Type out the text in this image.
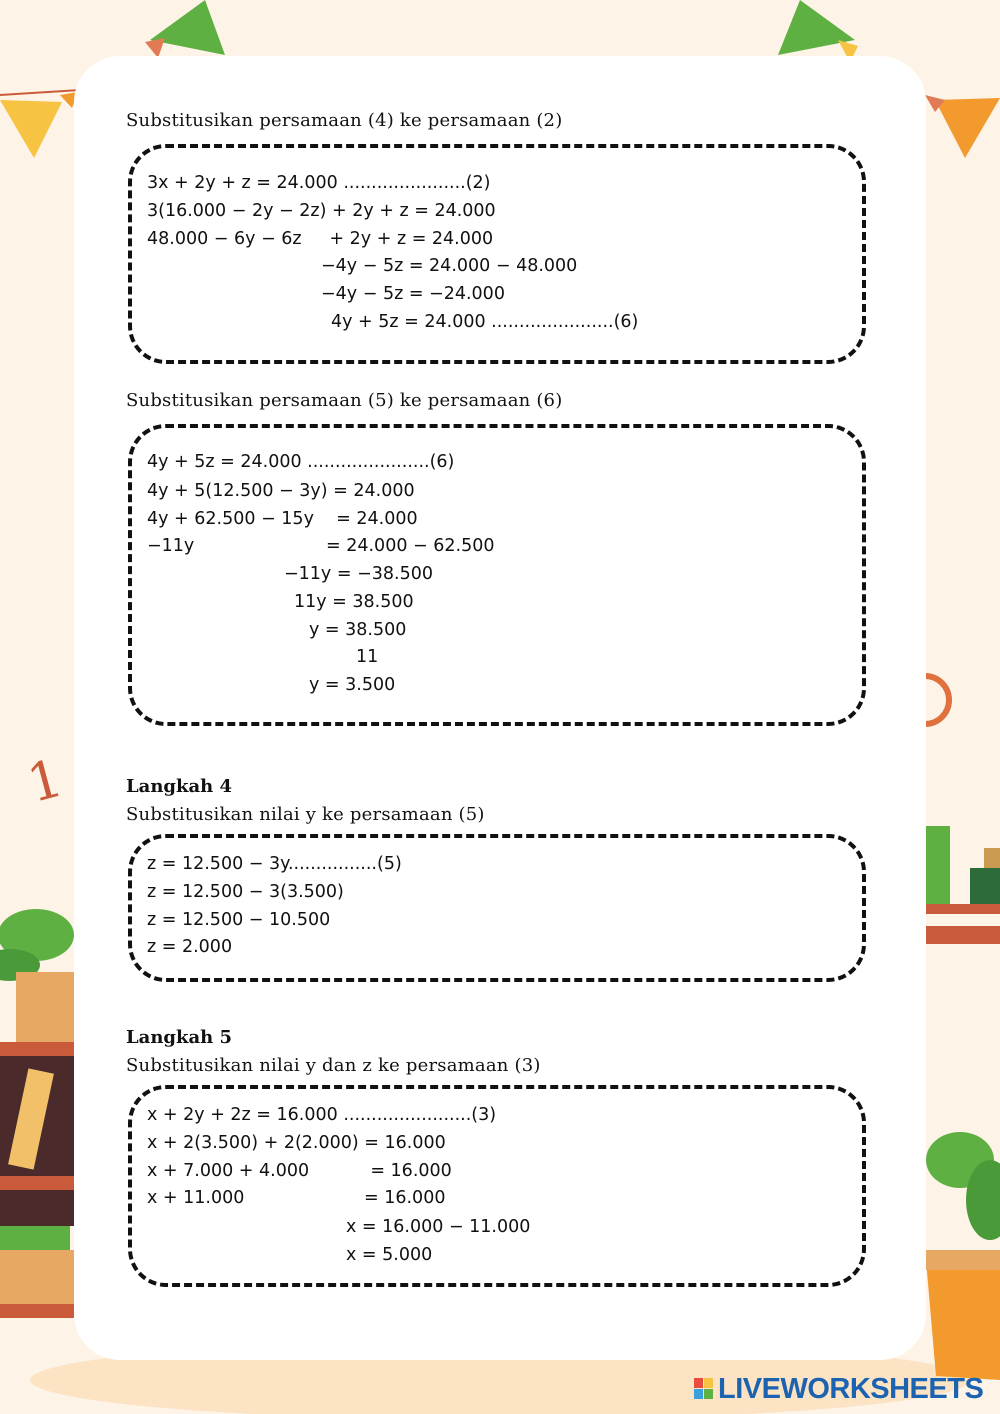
1
Substitusikan persamaan (4) ke persamaan (2)
3x + 2y + z = 24.000 ......................(2)
3(16.000 − 2y − 2z) + 2y + z = 24.000
48.000 − 6y − 6z     + 2y + z = 24.000
−4y − 5z = 24.000 − 48.000
−4y − 5z = −24.000
4y + 5z = 24.000 ......................(6)
Substitusikan persamaan (5) ke persamaan (6)
4y + 5z = 24.000 ......................(6)
4y + 5(12.500 − 3y) = 24.000
4y + 62.500 − 15y    = 24.000
−11y	= 24.000 − 62.500
−11y = −38.500
11y = 38.500
y = 38.500
11
y = 3.500
Langkah 4
Substitusikan nilai y ke persamaan (5)
z = 12.500 − 3y................(5)
z = 12.500 − 3(3.500)
z = 12.500 − 10.500
z = 2.000
Langkah 5
Substitusikan nilai y dan z ke persamaan (3)
x + 2y + 2z = 16.000 .......................(3)
x + 2(3.500) + 2(2.000) = 16.000
x + 7.000 + 4.000           = 16.000
x + 11.000	= 16.000
x = 16.000 − 11.000
x = 5.000
LIVEWORKSHEETS
